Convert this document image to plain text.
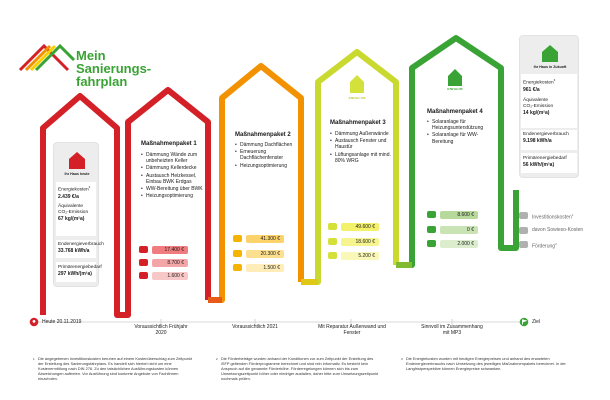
Mein
Sanierungs-
fahrplan
Ihr Haus heute
Energiekosten$^3$
2.439 €/a
Äquivalente
CO₂-Emission
67 kg/(m²a)
Endenergieverbrauch
33.768 kWh/a
Primärenergiebedarf
297 kWh/(m²a)
Ihr Haus in Zukunft
Energiekosten$^3$
961 €/a
Äquivalente
CO₂-Emission
14 kg/(m²a)
Endenergieverbrauch
9.198 kWh/a
Primärenergiebedarf
56 kWh/(m²a)
Maßnahmenpaket 1
• Dämmung Wände zum unbeheizten Keller
• Dämmung Kellerdecke
• Austausch Heizkessel, Einbau BWK Erdgas
• WW-Bereitung über BWK
• Heizungsoptimierung
17.400 €
8.700 €
1.600 €
Maßnahmenpaket 2
• Dämmung Dachflächen
• Erneuerung Dachflächenfenster
• Heizungsoptimierung
41.300 €
20.300 €
1.500 €
KfW EH 100
Maßnahmenpaket 3
• Dämmung Außenwände
• Austausch Fenster und Haustür
• Lüftungsanlage mit mind. 80% WRG
49.600 €
18.600 €
5.200 €
KfW EH 85
Maßnahmenpaket 4
• Solaranlage für Heizungsunterstützung
• Solaranlage für WW-Bereitung
8.600 €
0 €
2.000 €
Investitionskosten$^1$
davon Sowieso-Kosten
Förderung$^2$
Heute 20.11.2019
Voraussichtlich Frühjahr 2020
Voraussichtlich 2021	Mit Reparatur Außenwand und Fenster
Sinnvoll im Zusammenhang mit MP3
Ziel
1 Die angegebenen Investitionskosten beruhen auf einem Kostenüberschlag zum Zeitpunkt der Erstellung des Sanierungsfahrplans. Es handelt sich hierbei nicht um eine Kostenermittlung nach DIN 276. Zu den tatsächlichen Ausführungskosten können Abweichungen auftreten. Vor Ausführung sind konkrete Angebote von Fachfirmen einzuholen.
2 Die Förderbeträge wurden anhand der Konditionen zur zum Zeitpunkt der Erstellung des iSFP geltenden Förderprogramme berechnet und sind rein informativ. Es besteht kein Anspruch auf die genannte Förderhöhe. Förderre​gelungen können sich bis zum Umsetzungszeitpunkt höher oder niedriger ausfallen, daher bitte zum Umsetzungszeitpunkt nochmals prüfen.
3 Die Energiekosten wurden mit heutigen Energiepreisen und anhand des erwarteten Endenergieverbrauchs nach Umsetzung des jeweiligen Maßnahmenpakets berechnet. In der Langfristperspektive können Energiepreise schwanken.
